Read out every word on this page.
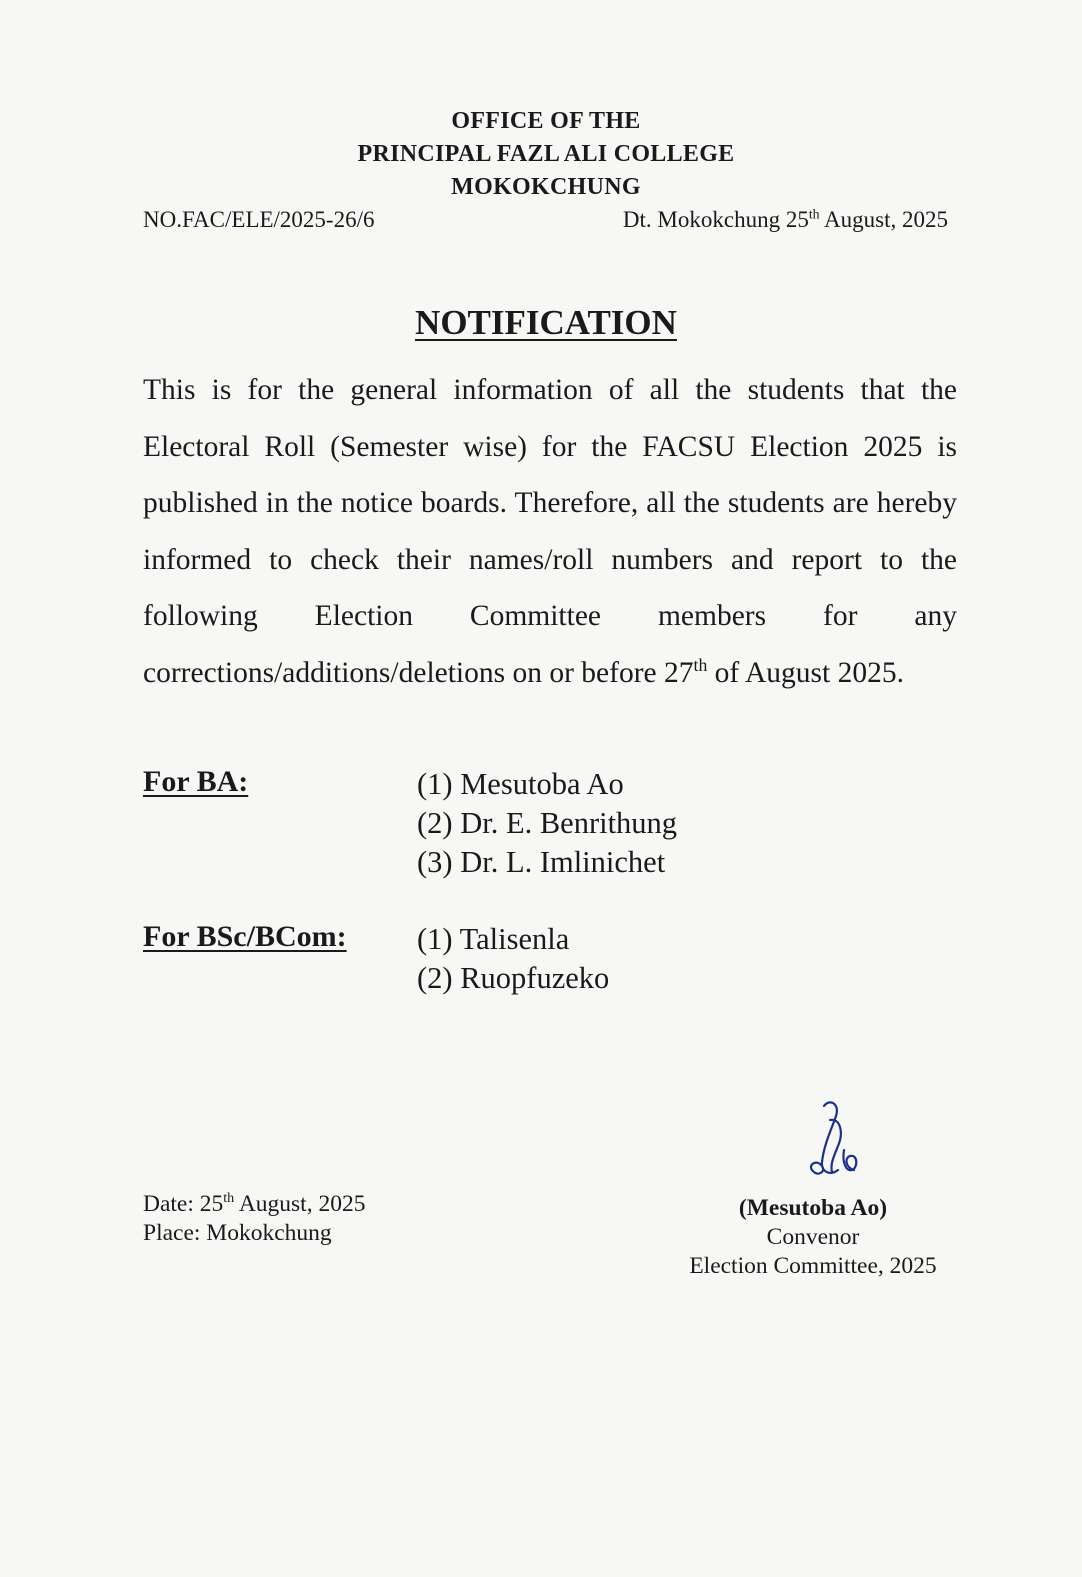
OFFICE OF THE
PRINCIPAL FAZL ALI COLLEGE
MOKOKCHUNG
NO.FAC/ELE/2025-26/6	Dt. Mokokchung 25th August, 2025
NOTIFICATION
This is for the general information of all the students that the Electoral Roll (Semester wise) for the FACSU Election 2025 is published in the notice boards. Therefore, all the students are hereby informed to check their names/roll numbers and report to the following Election Committee members for any corrections/additions/deletions on or before 27th of August 2025.
For BA:	(1) Mesutoba Ao
(2) Dr. E. Benrithung
(3) Dr. L. Imlinichet
For BSc/BCom: (1) Talisenla
(2) Ruopfuzeko
Date: 25th August, 2025
Place: Mokokchung
(Mesutoba Ao)
Convenor
Election Committee, 2025
